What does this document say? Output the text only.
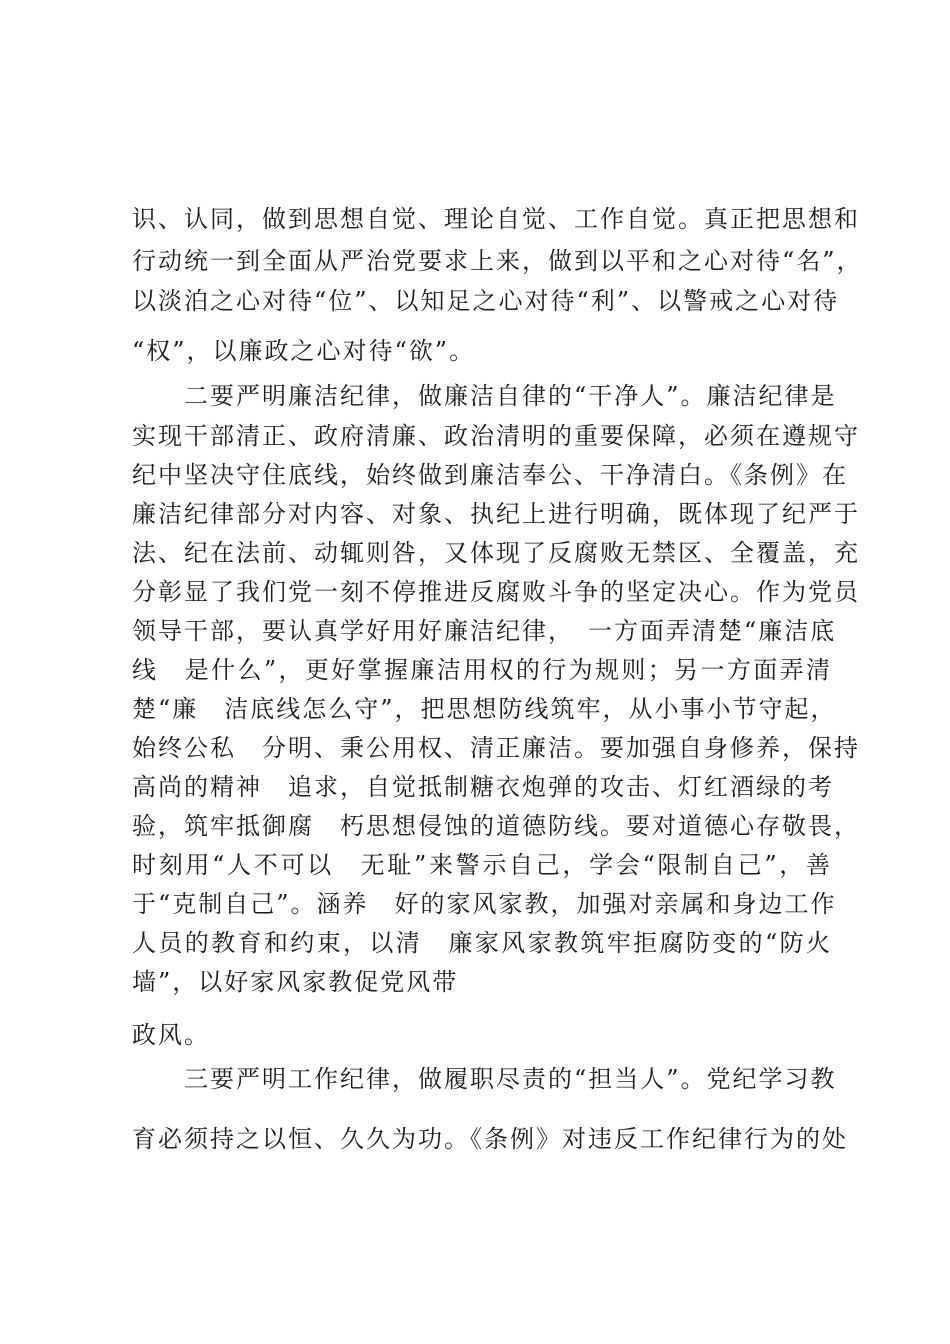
识、认同，做到思想自觉、理论自觉、工作自觉。真正把思想和
行动统一到全面从严治党要求上来，做到以平和之心对待“名”，
以淡泊之心对待“位”、以知足之心对待“利”、以警戒之心对待
“权”，以廉政之心对待“欲”。
　　二要严明廉洁纪律，做廉洁自律的“干净人”。廉洁纪律是
实现干部清正、政府清廉、政治清明的重要保障，必须在遵规守
纪中坚决守住底线，始终做到廉洁奉公、干净清白。《条例》在
廉洁纪律部分对内容、对象、执纪上进行明确，既体现了纪严于
法、纪在法前、动辄则咎，又体现了反腐败无禁区、全覆盖，充
分彰显了我们党一刻不停推进反腐败斗争的坚定决心。作为党员
领导干部，要认真学好用好廉洁纪律，　一方面弄清楚“廉洁底
线　是什么”，更好掌握廉洁用权的行为规则；另一方面弄清
楚“廉　洁底线怎么守”，把思想防线筑牢，从小事小节守起，
始终公私　分明、秉公用权、清正廉洁。要加强自身修养，保持
高尚的精神　追求，自觉抵制糖衣炮弹的攻击、灯红酒绿的考
验，筑牢抵御腐　朽思想侵蚀的道德防线。要对道德心存敬畏，
时刻用“人不可以　无耻”来警示自己，学会“限制自己”，善
于“克制自己”。涵养　好的家风家教，加强对亲属和身边工作
人员的教育和约束，以清　廉家风家教筑牢拒腐防变的“防火
墙”，以好家风家教促党风带
政风。
　　三要严明工作纪律，做履职尽责的“担当人”。党纪学习教
育必须持之以恒、久久为功。《条例》对违反工作纪律行为的处
